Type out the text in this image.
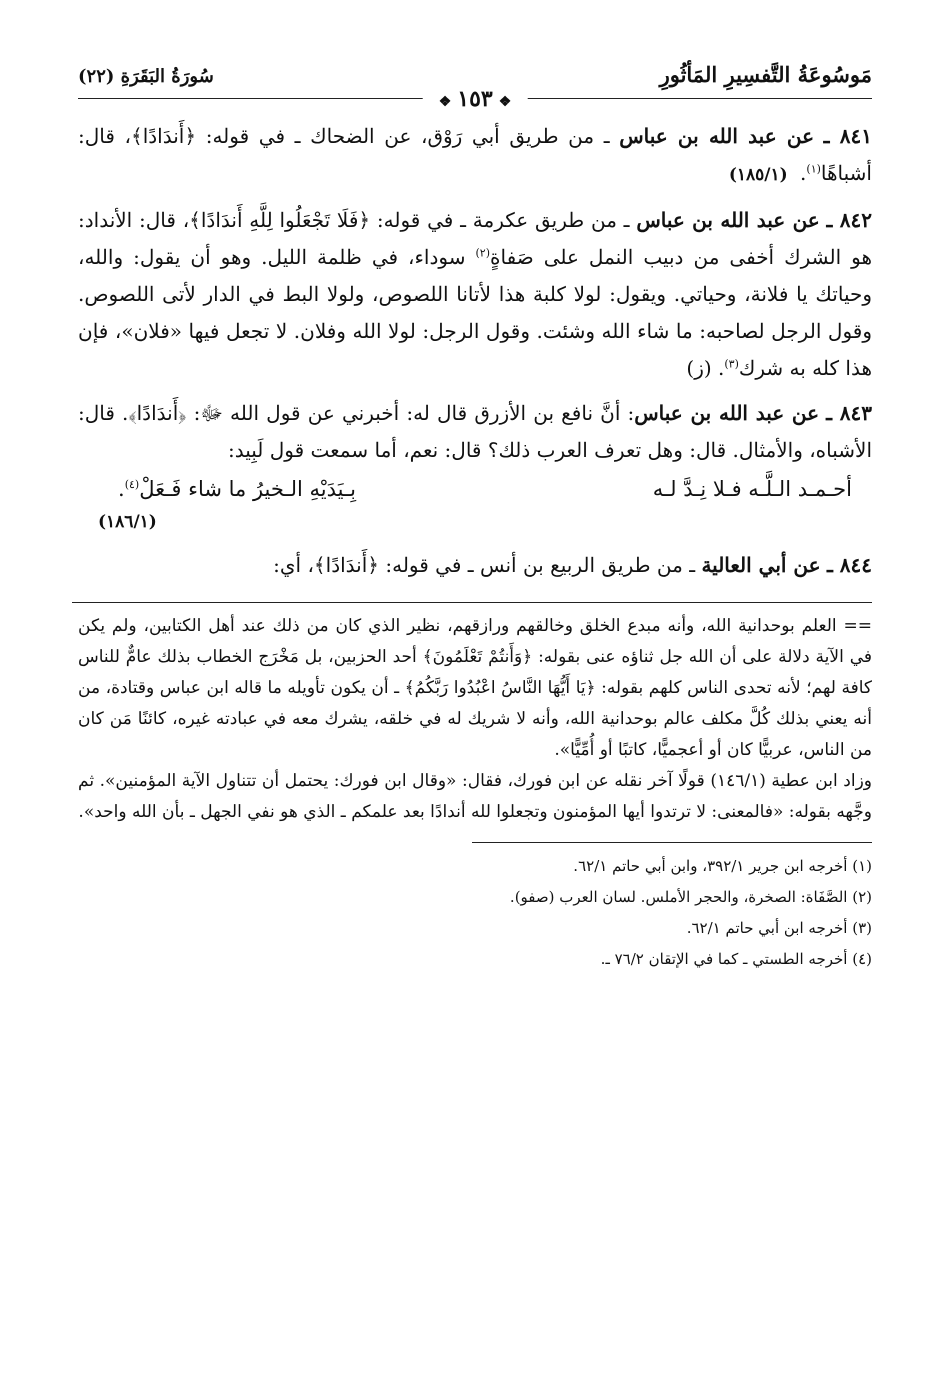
مَوسُوعَةُ التَّفسِيرِ المَأثُورِ
❖١٥٣❖
سُورَةُ البَقَرَةِ (٢٢)

٨٤١ ـ عن عبد الله بن عباس ـ من طريق أبي رَوْق، عن الضحاك ـ في قوله: ﴿أَندَادًا﴾، قال: أشباهًا$^{(١)}$. (١٨٥/١)

٨٤٢ ـ عن عبد الله بن عباس ـ من طريق عكرمة ـ في قوله: ﴿فَلَا تَجْعَلُوا لِلَّهِ أَندَادًا﴾، قال: الأنداد: هو الشرك أخفى من دبيب النمل على صَفاةٍ$^{(٢)}$ سوداء، في ظلمة الليل. وهو أن يقول: والله، وحياتك يا فلانة، وحياتي. ويقول: لولا كلبة هذا لأتانا اللصوص، ولولا البط في الدار لأتى اللصوص. وقول الرجل لصاحبه: ما شاء الله وشئت. وقول الرجل: لولا الله وفلان. لا تجعل فيها «فلان»، فإن هذا كله به شرك$^{(٣)}$. (ز)

٨٤٣ ـ عن عبد الله بن عباس: أنَّ نافع بن الأزرق قال له: أخبرني عن قول الله ﷻ: ﴿أَندَادًا﴾. قال: الأشباه، والأمثال. قال: وهل تعرف العرب ذلك؟ قال: نعم، أما سمعت قول لَبِيد:

أحـمـد الـلَّـه فـلا نِـدَّ لـه
بِـيَدَيْهِ الـخيرُ ما شاء فَـعَلْ$^{(٤)}$.
(١٨٦/١)

٨٤٤ ـ عن أبي العالية ـ من طريق الربيع بن أنس ـ في قوله: ﴿أَندَادًا﴾، أي:

== العلم بوحدانية الله، وأنه مبدع الخلق وخالقهم ورازقهم، نظير الذي كان من ذلك عند أهل الكتابين، ولم يكن في الآية دلالة على أن الله جل ثناؤه عنى بقوله: ﴿وَأَنتُمْ تَعْلَمُونَ﴾ أحد الحزبين، بل مَخْرَج الخطاب بذلك عامٌّ للناس كافة لهم؛ لأنه تحدى الناس كلهم بقوله: ﴿يَا أَيُّهَا النَّاسُ اعْبُدُوا رَبَّكُمُ﴾ ـ أن يكون تأويله ما قاله ابن عباس وقتادة، من أنه يعني بذلك كُلَّ مكلف عالم بوحدانية الله، وأنه لا شريك له في خلقه، يشرك معه في عبادته غيره، كائنًا مَن كان من الناس، عربيًّا كان أو أعجميًّا، كاتبًا أو أُمِّيًّا».

وزاد ابن عطية (١٤٦/١) قولًا آخر نقله عن ابن فورك، فقال: «وقال ابن فورك: يحتمل أن تتناول الآية المؤمنين». ثم وجَّهه بقوله: «فالمعنى: لا ترتدوا أيها المؤمنون وتجعلوا لله أندادًا بعد علمكم ـ الذي هو نفي الجهل ـ بأن الله واحد».

(١) أخرجه ابن جرير ٣٩٢/١، وابن أبي حاتم ٦٢/١.

(٢) الصَّفَاة: الصخرة، والحجر الأملس. لسان العرب (صفو).

(٣) أخرجه ابن أبي حاتم ٦٢/١.

(٤) أخرجه الطستي ـ كما في الإتقان ٧٦/٢ ـ.
